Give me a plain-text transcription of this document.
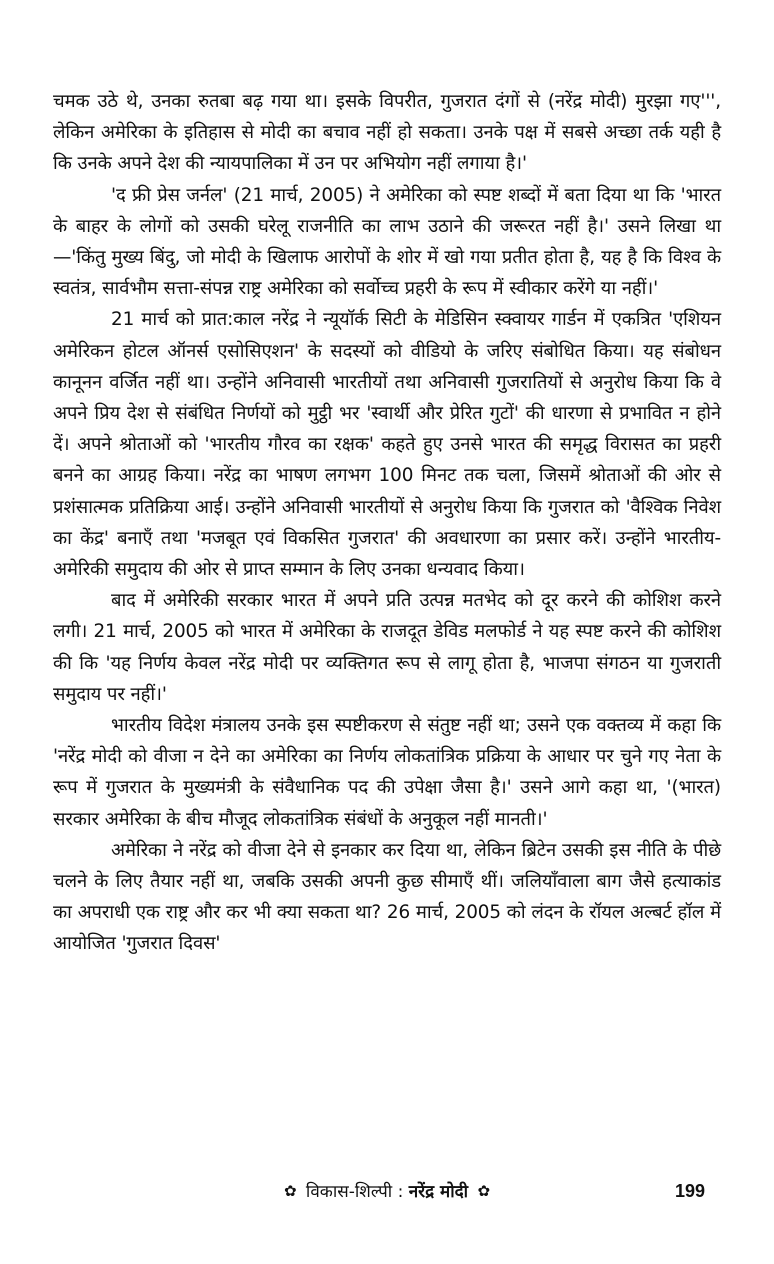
चमक उठे थे, उनका रुतबा बढ़ गया था। इसके विपरीत, गुजरात दंगों से (नरेंद्र मोदी) मुरझा गए''', लेकिन अमेरिका के इतिहास से मोदी का बचाव नहीं हो सकता। उनके पक्ष में सबसे अच्छा तर्क यही है कि उनके अपने देश की न्यायपालिका में उन पर अभियोग नहीं लगाया है।'

'द फ्री प्रेस जर्नल' (21 मार्च, 2005) ने अमेरिका को स्पष्ट शब्दों में बता दिया था कि 'भारत के बाहर के लोगों को उसकी घरेलू राजनीति का लाभ उठाने की जरूरत नहीं है।' उसने लिखा था—'किंतु मुख्य बिंदु, जो मोदी के खिलाफ आरोपों के शोर में खो गया प्रतीत होता है, यह है कि विश्व के स्वतंत्र, सार्वभौम सत्ता-संपन्न राष्ट्र अमेरिका को सर्वोच्च प्रहरी के रूप में स्वीकार करेंगे या नहीं।'

21 मार्च को प्रात:काल नरेंद्र ने न्यूयॉर्क सिटी के मेडिसिन स्क्वायर गार्डन में एकत्रित 'एशियन अमेरिकन होटल ऑनर्स एसोसिएशन' के सदस्यों को वीडियो के जरिए संबोधित किया। यह संबोधन कानूनन वर्जित नहीं था। उन्होंने अनिवासी भारतीयों तथा अनिवासी गुजरातियों से अनुरोध किया कि वे अपने प्रिय देश से संबंधित निर्णयों को मुट्ठी भर 'स्वार्थी और प्रेरित गुटों' की धारणा से प्रभावित न होने दें। अपने श्रोताओं को 'भारतीय गौरव का रक्षक' कहते हुए उनसे भारत की समृद्ध विरासत का प्रहरी बनने का आग्रह किया। नरेंद्र का भाषण लगभग 100 मिनट तक चला, जिसमें श्रोताओं की ओर से प्रशंसात्मक प्रतिक्रिया आई। उन्होंने अनिवासी भारतीयों से अनुरोध किया कि गुजरात को 'वैश्विक निवेश का केंद्र' बनाएँ तथा 'मजबूत एवं विकसित गुजरात' की अवधारणा का प्रसार करें। उन्होंने भारतीय-अमेरिकी समुदाय की ओर से प्राप्त सम्मान के लिए उनका धन्यवाद किया।

बाद में अमेरिकी सरकार भारत में अपने प्रति उत्पन्न मतभेद को दूर करने की कोशिश करने लगी। 21 मार्च, 2005 को भारत में अमेरिका के राजदूत डेविड मलफोर्ड ने यह स्पष्ट करने की कोशिश की कि 'यह निर्णय केवल नरेंद्र मोदी पर व्यक्तिगत रूप से लागू होता है, भाजपा संगठन या गुजराती समुदाय पर नहीं।'

भारतीय विदेश मंत्रालय उनके इस स्पष्टीकरण से संतुष्ट नहीं था; उसने एक वक्तव्य में कहा कि 'नरेंद्र मोदी को वीजा न देने का अमेरिका का निर्णय लोकतांत्रिक प्रक्रिया के आधार पर चुने गए नेता के रूप में गुजरात के मुख्यमंत्री के संवैधानिक पद की उपेक्षा जैसा है।' उसने आगे कहा था, '(भारत) सरकार अमेरिका के बीच मौजूद लोकतांत्रिक संबंधों के अनुकूल नहीं मानती।'

अमेरिका ने नरेंद्र को वीजा देने से इनकार कर दिया था, लेकिन ब्रिटेन उसकी इस नीति के पीछे चलने के लिए तैयार नहीं था, जबकि उसकी अपनी कुछ सीमाएँ थीं। जलियाँवाला बाग जैसे हत्याकांड का अपराधी एक राष्ट्र और कर भी क्या सकता था? 26 मार्च, 2005 को लंदन के रॉयल अल्बर्ट हॉल में आयोजित 'गुजरात दिवस'

✿ विकास-शिल्पी : नरेंद्र मोदी ✿	199
